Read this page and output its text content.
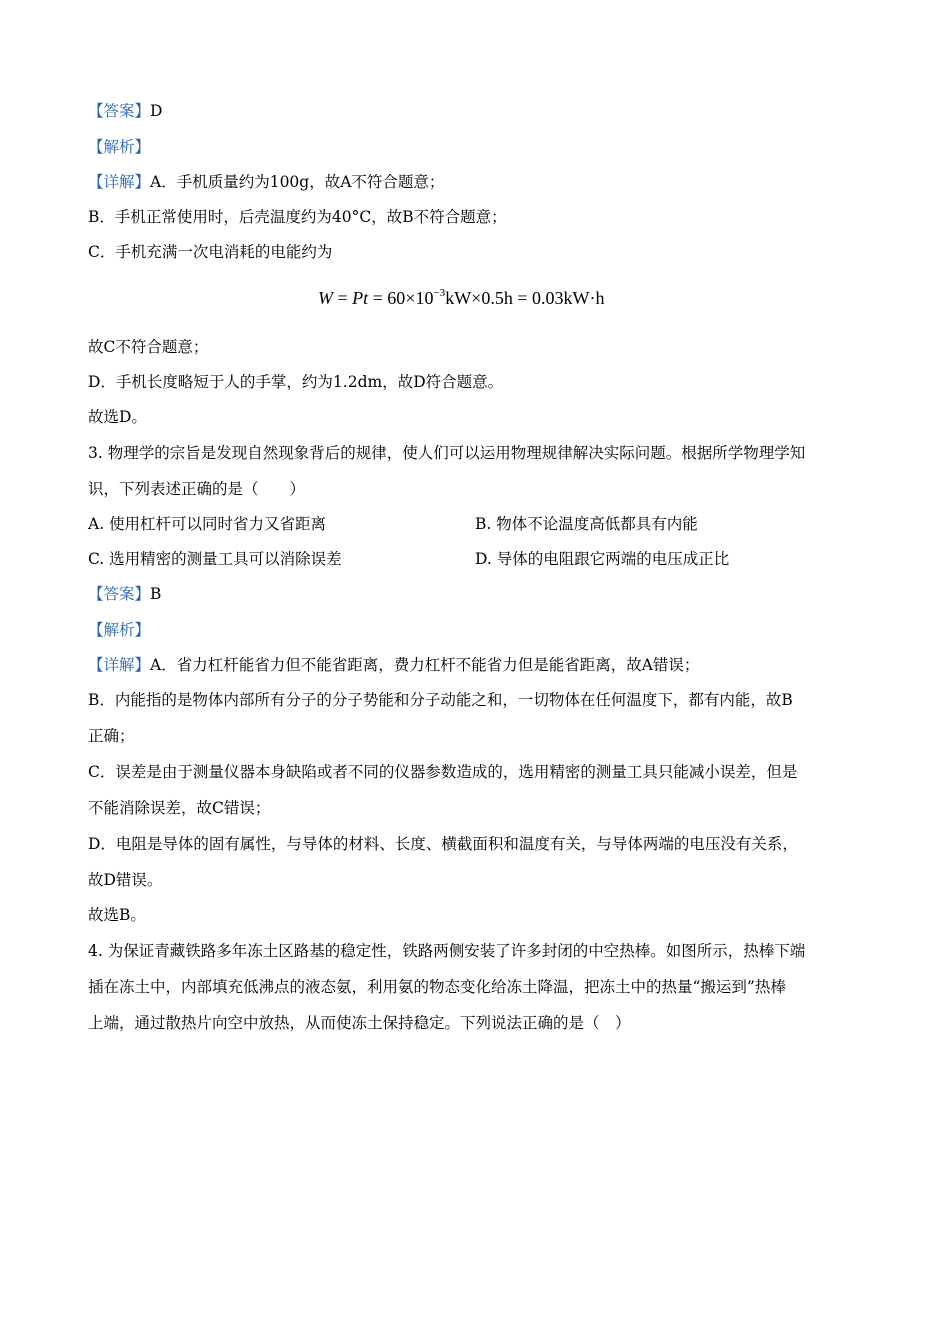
【答案】D
【解析】
【详解】A．手机质量约为100g，故A不符合题意；
B．手机正常使用时，后壳温度约为40°C，故B不符合题意；
C．手机充满一次电消耗的电能约为
$W = Pt = 60\times 10^{-3}kW\times 0.5h = 0.03kW\cdot h$
故C不符合题意；
D．手机长度略短于人的手掌，约为1.2dm，故D符合题意。
故选D。
3. 物理学的宗旨是发现自然现象背后的规律，使人们可以运用物理规律解决实际问题。根据所学物理学知
识，下列表述正确的是（　　）
A. 使用杠杆可以同时省力又省距离	B. 物体不论温度高低都具有内能
C. 选用精密的测量工具可以消除误差	D. 导体的电阻跟它两端的电压成正比
【答案】B
【解析】
【详解】A．省力杠杆能省力但不能省距离，费力杠杆不能省力但是能省距离，故A错误；
B．内能指的是物体内部所有分子的分子势能和分子动能之和，一切物体在任何温度下，都有内能，故B
正确；
C．误差是由于测量仪器本身缺陷或者不同的仪器参数造成的，选用精密的测量工具只能减小误差，但是
不能消除误差，故C错误；
D．电阻是导体的固有属性，与导体的材料、长度、横截面积和温度有关，与导体两端的电压没有关系，
故D错误。
故选B。
4. 为保证青藏铁路多年冻土区路基的稳定性，铁路两侧安装了许多封闭的中空热棒。如图所示，热棒下端
插在冻土中，内部填充低沸点的液态氨，利用氨的物态变化给冻土降温，把冻土中的热量“搬运到”热棒
上端，通过散热片向空中放热，从而使冻土保持稳定。下列说法正确的是（　）
